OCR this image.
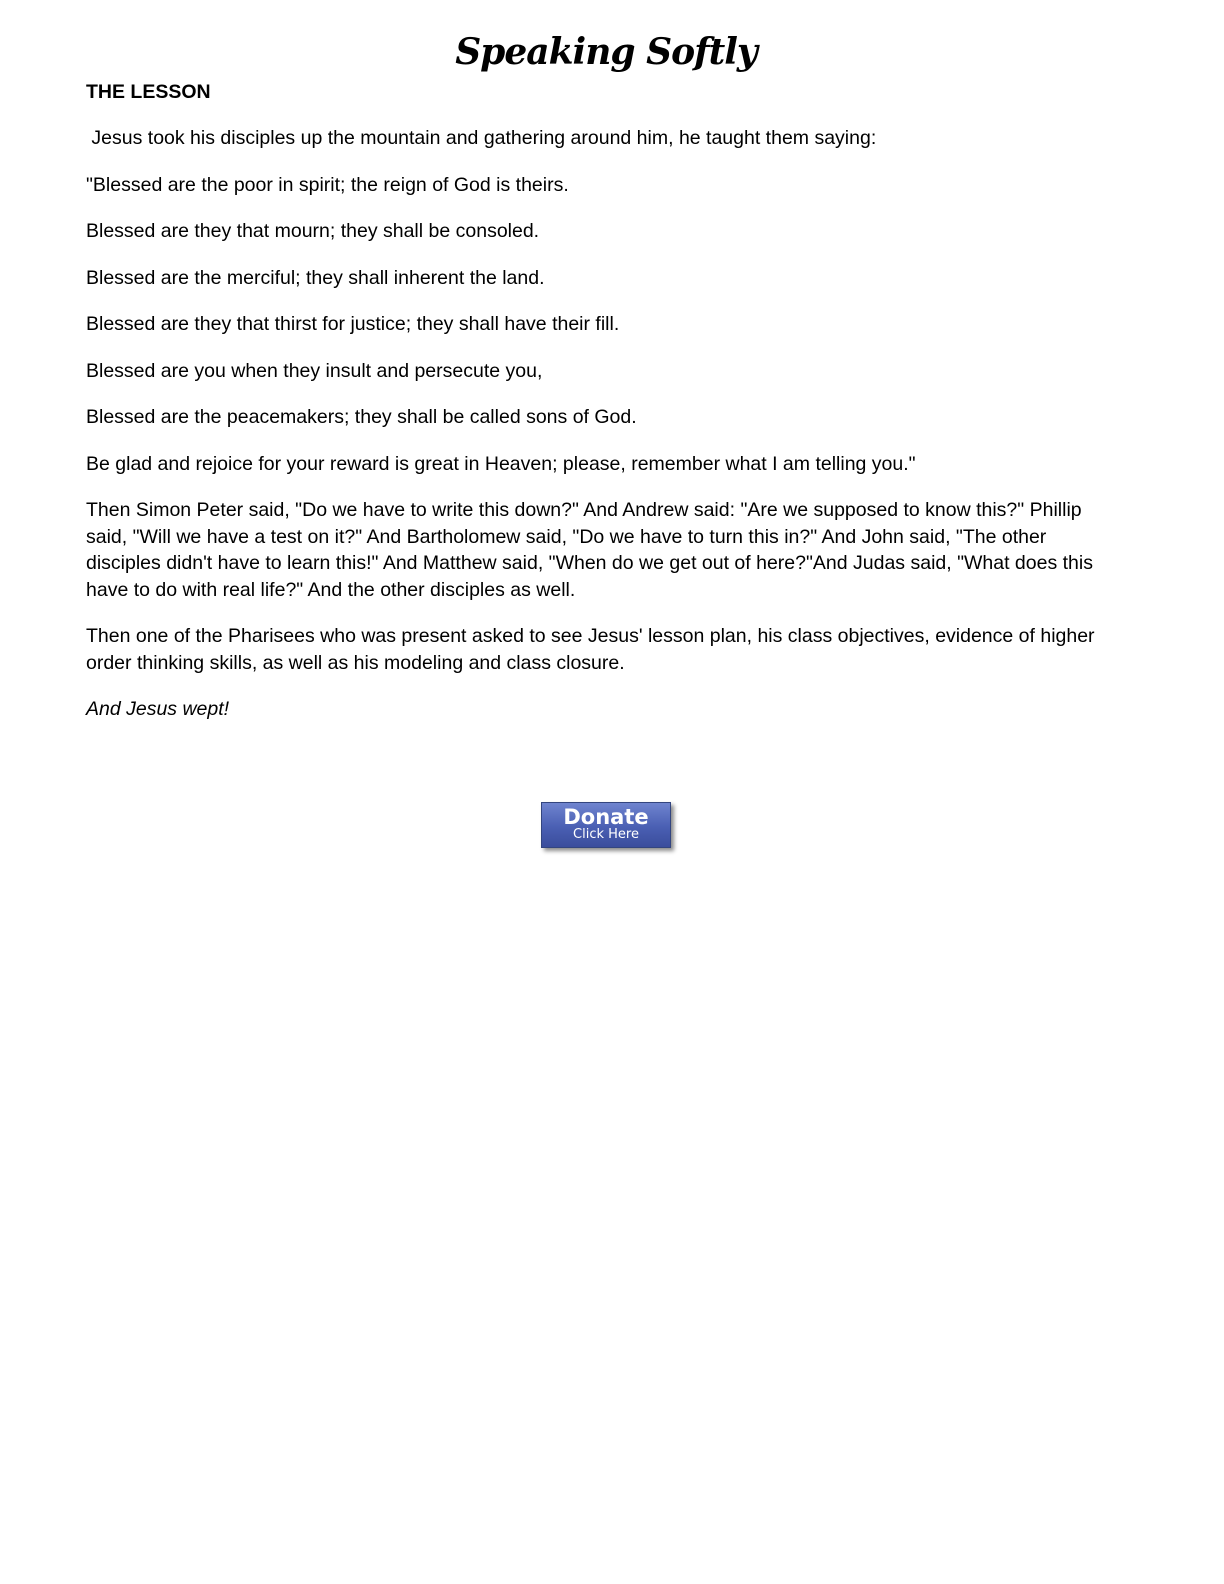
Speaking Softly
THE LESSON

Jesus took his disciples up the mountain and gathering around him, he taught them saying:

"Blessed are the poor in spirit; the reign of God is theirs.

Blessed are they that mourn; they shall be consoled.

Blessed are the merciful; they shall inherent the land.

Blessed are they that thirst for justice; they shall have their fill.

Blessed are you when they insult and persecute you,

Blessed are the peacemakers; they shall be called sons of God.

Be glad and rejoice for your reward is great in Heaven; please, remember what I am telling you."

Then Simon Peter said, "Do we have to write this down?" And Andrew said: "Are we supposed to know this?" Phillip said, "Will we have a test on it?" And Bartholomew said, "Do we have to turn this in?" And John said, "The other disciples didn't have to learn this!" And Matthew said, "When do we get out of here?"And Judas said, "What does this have to do with real life?" And the other disciples as well.

Then one of the Pharisees who was present asked to see Jesus' lesson plan, his class objectives, evidence of higher order thinking skills, as well as his modeling and class closure.

And Jesus wept!

Donate
Click Here
